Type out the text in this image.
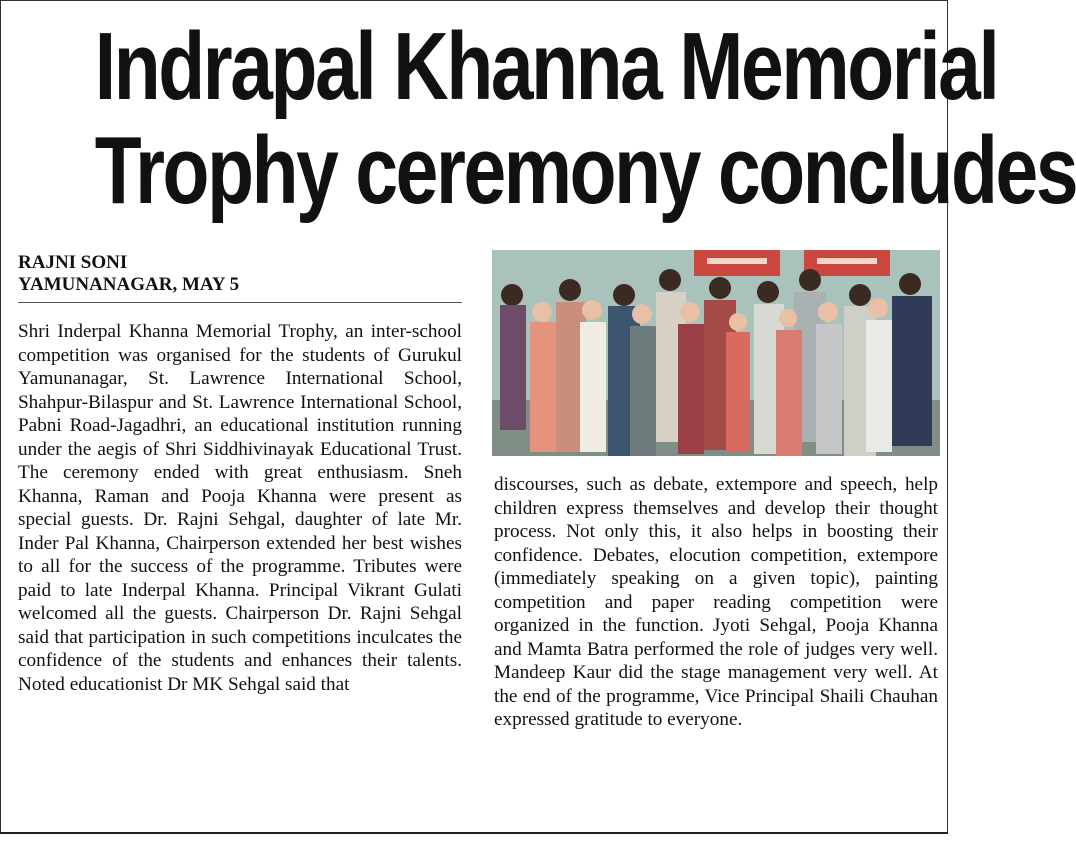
Indrapal Khanna Memorial
Trophy ceremony concludes
RAJNI SONI
YAMUNANAGAR, MAY 5
Shri Inderpal Khanna Memorial Trophy, an inter-school competition was organised for the students of Gurukul Yamunanagar, St. Lawrence International School, Shahpur-Bilaspur and St. Lawrence International School, Pabni Road-Jagadhri, an educational institution running under the aegis of Shri Siddhivinayak Educational Trust. The ceremony ended with great enthusiasm. Sneh Khanna, Raman and Pooja Khanna were present as special guests. Dr. Rajni Sehgal, daughter of late Mr. Inder Pal Khanna, Chairperson extended her best wishes to all for the success of the programme. Tributes were paid to late Inderpal Khanna. Principal Vikrant Gulati welcomed all the guests. Chairperson Dr. Rajni Sehgal said that participation in such competitions inculcates the confidence of the students and enhances their talents. Noted educationist Dr MK Sehgal said that
discourses, such as debate, extempore and speech, help children express themselves and develop their thought process. Not only this, it also helps in boosting their confidence. Debates, elocution competition, extempore (immediately speaking on a given topic), painting competition and paper reading competition were organized in the function. Jyoti Sehgal, Pooja Khanna and Mamta Batra performed the role of judges very well. Mandeep Kaur did the stage management very well. At the end of the programme, Vice Principal Shaili Chauhan expressed gratitude to everyone.
